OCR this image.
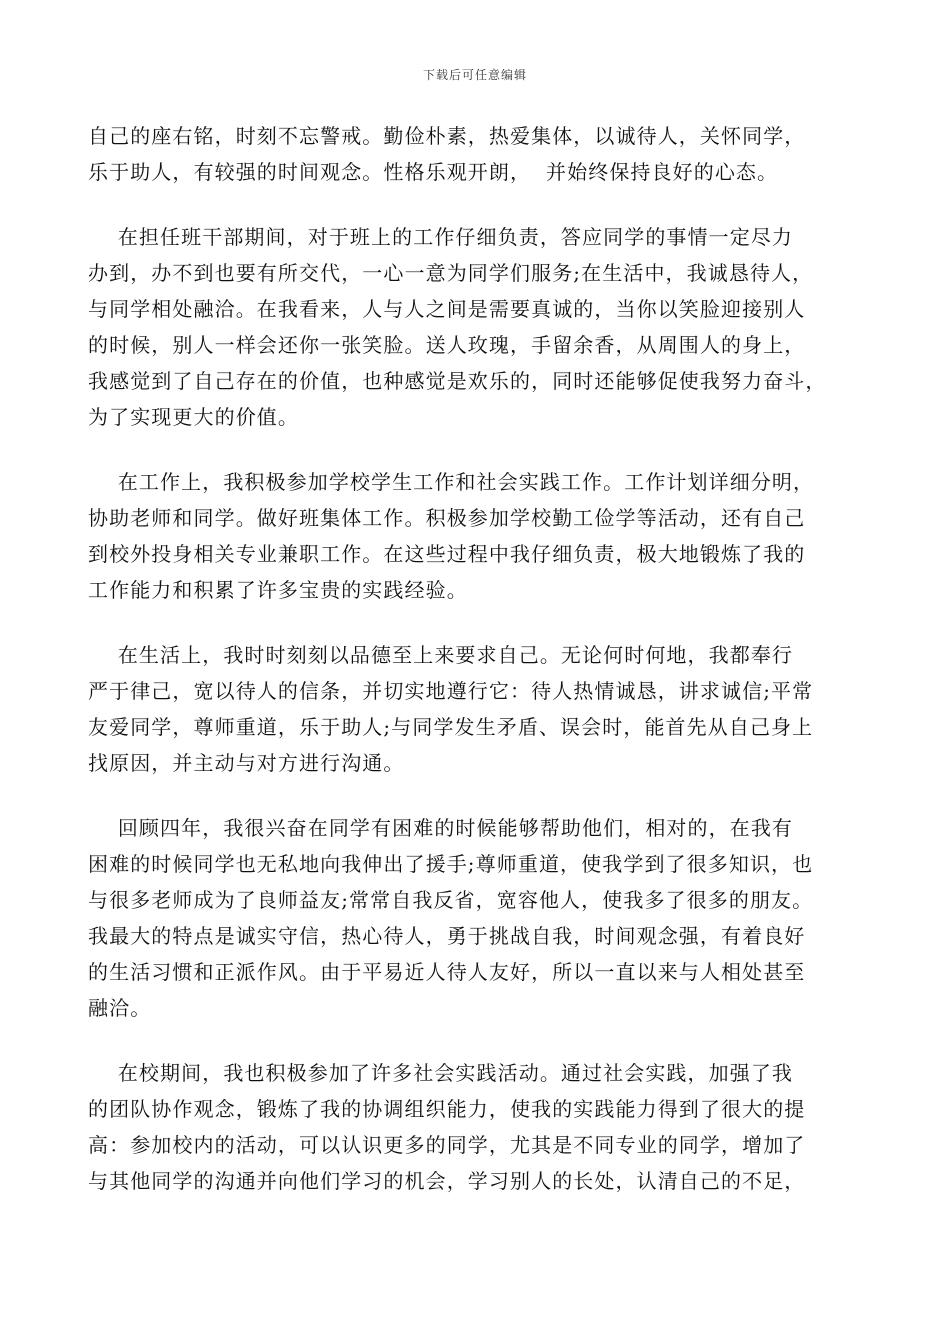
下载后可任意编辑
自己的座右铭，时刻不忘警戒。勤俭朴素，热爱集体，以诚待人，关怀同学，
乐于助人，有较强的时间观念。性格乐观开朗，  并始终保持良好的心态。
在担任班干部期间，对于班上的工作仔细负责，答应同学的事情一定尽力
办到，办不到也要有所交代，一心一意为同学们服务;在生活中，我诚恳待人，
与同学相处融洽。在我看来，人与人之间是需要真诚的，当你以笑脸迎接别人
的时候，别人一样会还你一张笑脸。送人玫瑰，手留余香，从周围人的身上，
我感觉到了自己存在的价值，也种感觉是欢乐的，同时还能够促使我努力奋斗，
为了实现更大的价值。
在工作上，我积极参加学校学生工作和社会实践工作。工作计划详细分明，
协助老师和同学。做好班集体工作。积极参加学校勤工俭学等活动，还有自己
到校外投身相关专业兼职工作。在这些过程中我仔细负责，极大地锻炼了我的
工作能力和积累了许多宝贵的实践经验。
在生活上，我时时刻刻以品德至上来要求自己。无论何时何地，我都奉行
严于律己，宽以待人的信条，并切实地遵行它：待人热情诚恳，讲求诚信;平常
友爱同学，尊师重道，乐于助人;与同学发生矛盾、误会时，能首先从自己身上
找原因，并主动与对方进行沟通。
回顾四年，我很兴奋在同学有困难的时候能够帮助他们，相对的，在我有
困难的时候同学也无私地向我伸出了援手;尊师重道，使我学到了很多知识，也
与很多老师成为了良师益友;常常自我反省，宽容他人，使我多了很多的朋友。
我最大的特点是诚实守信，热心待人，勇于挑战自我，时间观念强，有着良好
的生活习惯和正派作风。由于平易近人待人友好，所以一直以来与人相处甚至
融洽。
在校期间，我也积极参加了许多社会实践活动。通过社会实践，加强了我
的团队协作观念，锻炼了我的协调组织能力，使我的实践能力得到了很大的提
高：参加校内的活动，可以认识更多的同学，尤其是不同专业的同学，增加了
与其他同学的沟通并向他们学习的机会，学习别人的长处，认清自己的不足，
